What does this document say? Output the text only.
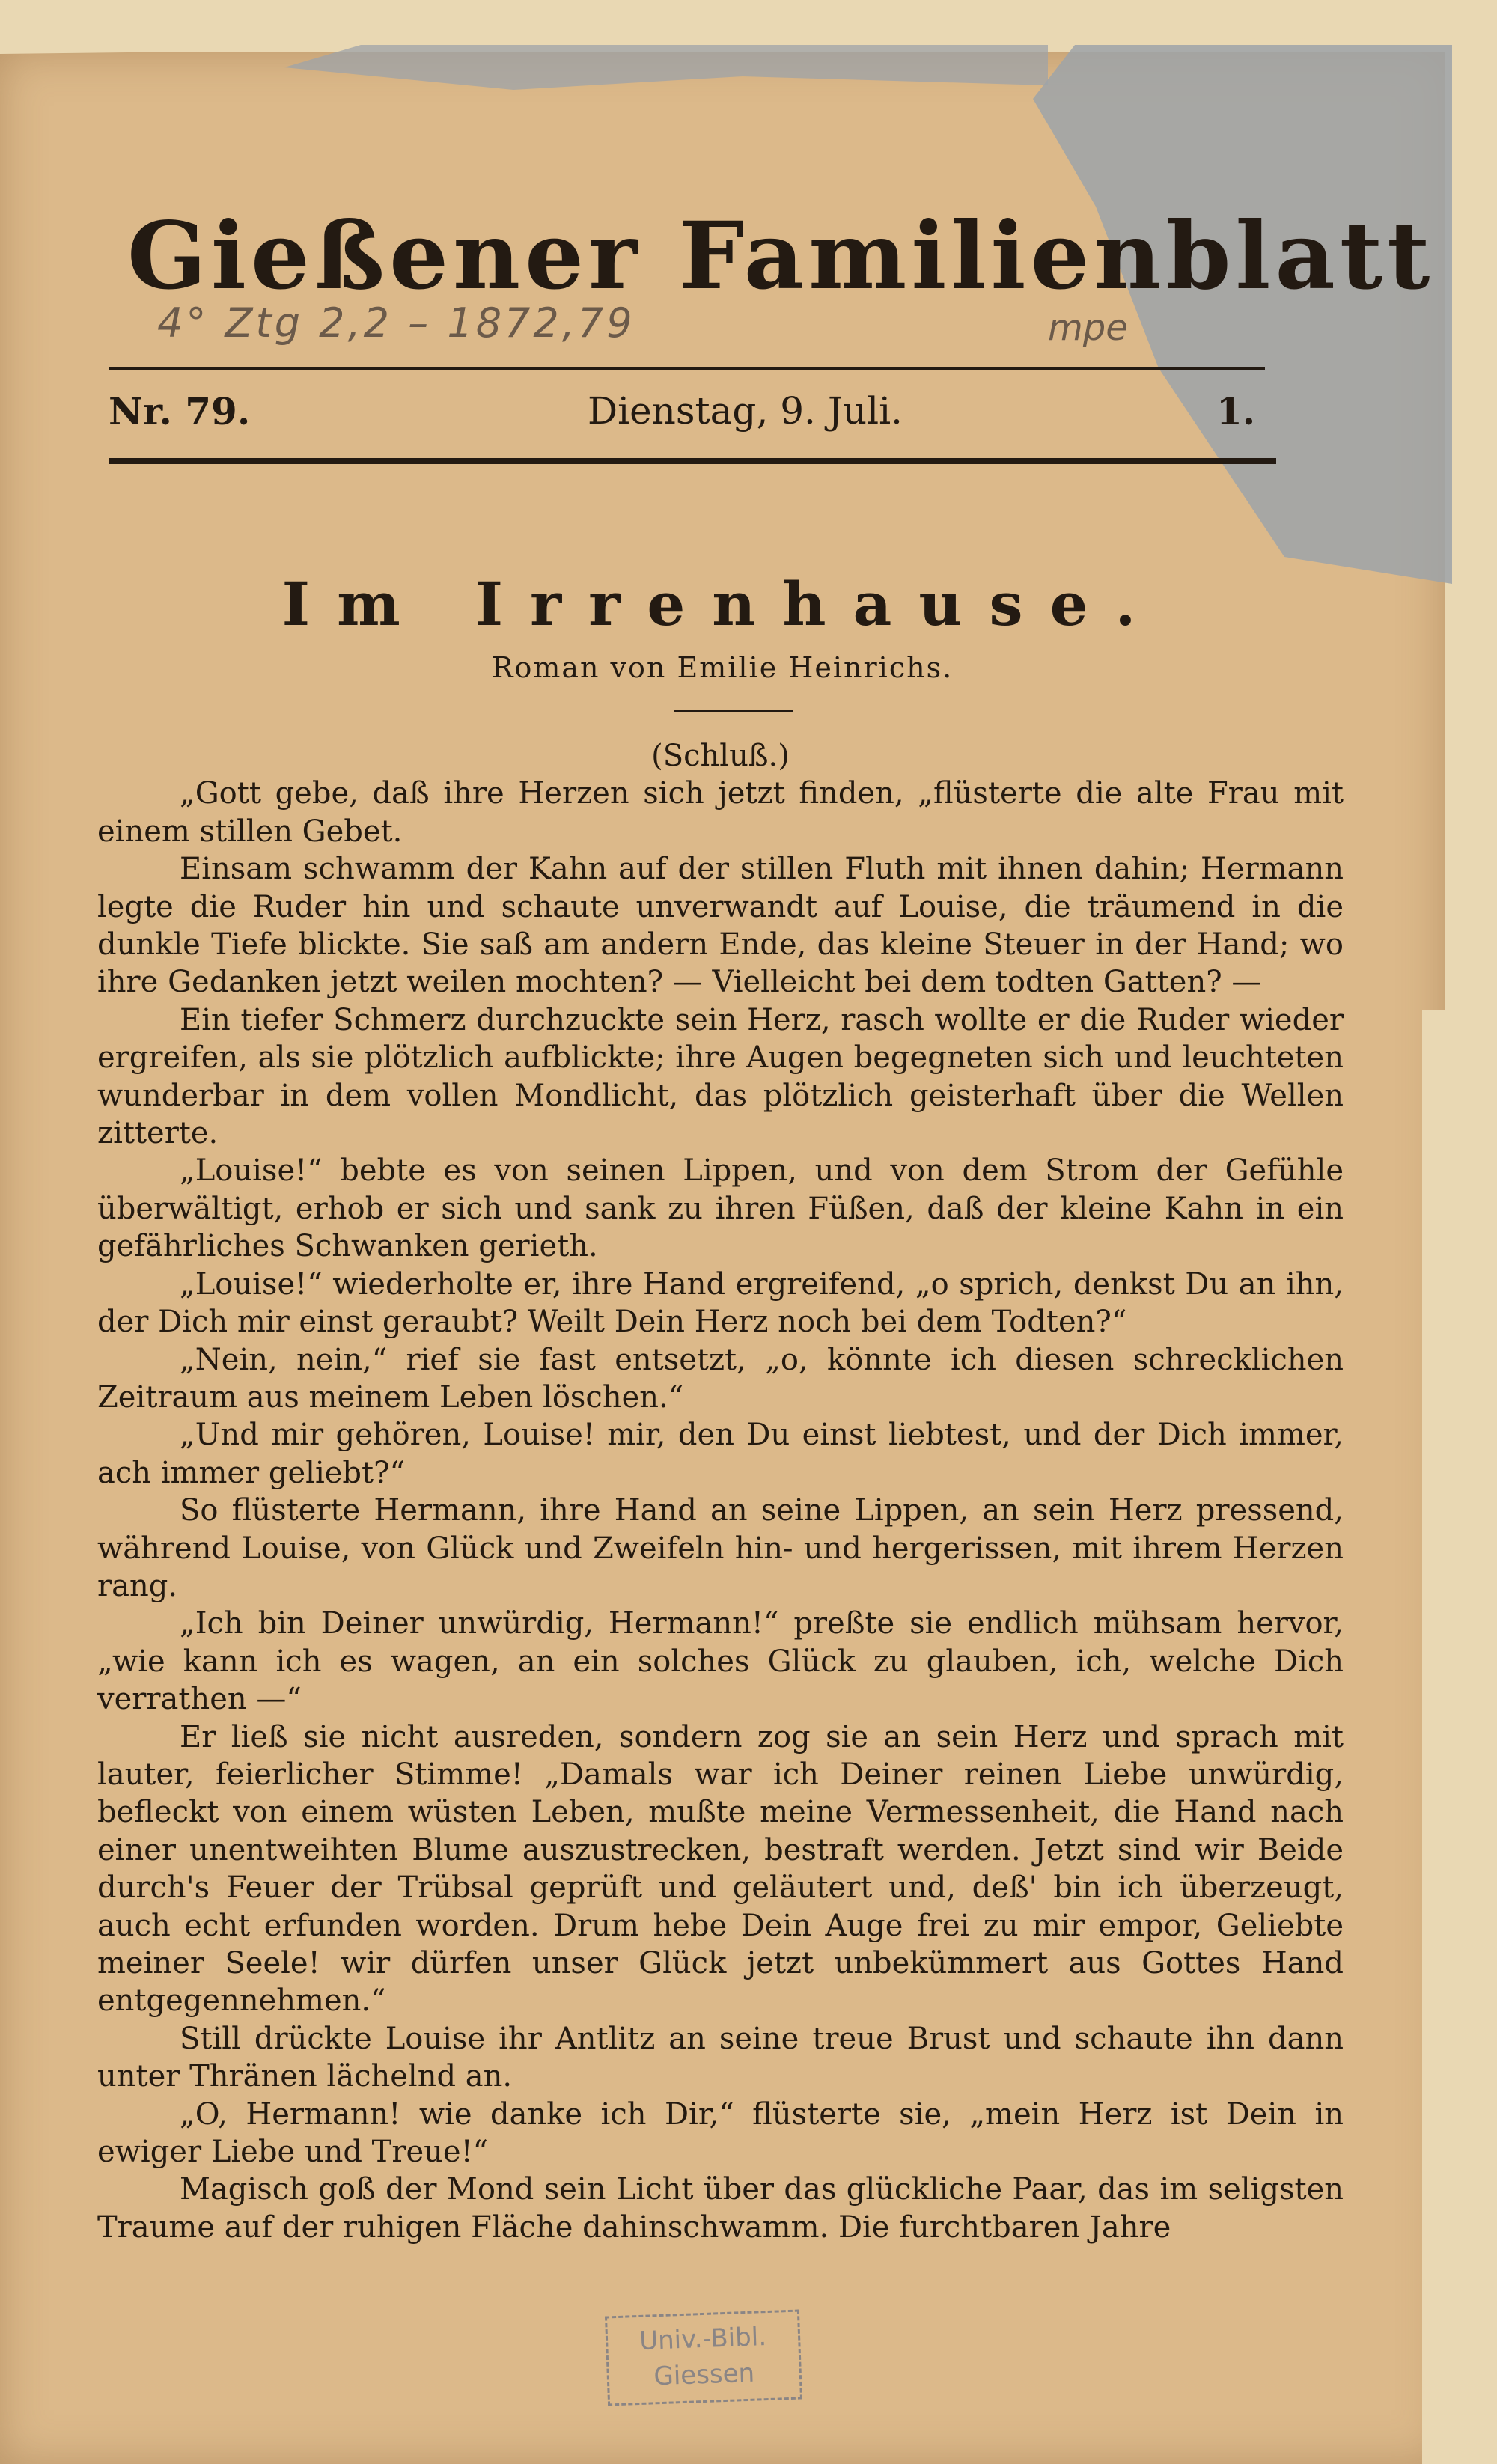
Gießener Familienblatt
4° Ztg 2,2 – 1872,79	mpe
Nr. 79.	Dienstag, 9. Juli.	1.
Im Irrenhause.
Roman von Emilie Heinrichs.

(Schluß.)

„Gott gebe, daß ihre Herzen sich jetzt finden, „flüsterte die alte Frau mit einem stillen Gebet.

Einsam schwamm der Kahn auf der stillen Fluth mit ihnen dahin; Hermann legte die Ruder hin und schaute unverwandt auf Louise, die träumend in die dunkle Tiefe blickte. Sie saß am andern Ende, das kleine Steuer in der Hand; wo ihre Gedanken jetzt weilen mochten? — Vielleicht bei dem todten Gatten? —

Ein tiefer Schmerz durchzuckte sein Herz, rasch wollte er die Ruder wieder ergreifen, als sie plötzlich aufblickte; ihre Augen begegneten sich und leuchteten wunderbar in dem vollen Mondlicht, das plötzlich geisterhaft über die Wellen zitterte.

„Louise!“ bebte es von seinen Lippen, und von dem Strom der Gefühle überwältigt, erhob er sich und sank zu ihren Füßen, daß der kleine Kahn in ein gefährliches Schwanken gerieth.

„Louise!“ wiederholte er, ihre Hand ergreifend, „o sprich, denkst Du an ihn, der Dich mir einst geraubt? Weilt Dein Herz noch bei dem Todten?“

„Nein, nein,“ rief sie fast entsetzt, „o, könnte ich diesen schrecklichen Zeitraum aus meinem Leben löschen.“

„Und mir gehören, Louise! mir, den Du einst liebtest, und der Dich immer, ach immer geliebt?“

So flüsterte Hermann, ihre Hand an seine Lippen, an sein Herz pressend, während Louise, von Glück und Zweifeln hin- und hergerissen, mit ihrem Herzen rang.

„Ich bin Deiner unwürdig, Hermann!“ preßte sie endlich mühsam hervor, „wie kann ich es wagen, an ein solches Glück zu glauben, ich, welche Dich verrathen —“

Er ließ sie nicht ausreden, sondern zog sie an sein Herz und sprach mit lauter, feierlicher Stimme! „Damals war ich Deiner reinen Liebe unwürdig, befleckt von einem wüsten Leben, mußte meine Vermessenheit, die Hand nach einer unentweihten Blume auszustrecken, bestraft werden. Jetzt sind wir Beide durch's Feuer der Trübsal geprüft und geläutert und, deß' bin ich überzeugt, auch echt erfunden worden. Drum hebe Dein Auge frei zu mir empor, Geliebte meiner Seele! wir dürfen unser Glück jetzt unbekümmert aus Gottes Hand entgegennehmen.“

Still drückte Louise ihr Antlitz an seine treue Brust und schaute ihn dann unter Thränen lächelnd an.

„O, Hermann! wie danke ich Dir,“ flüsterte sie, „mein Herz ist Dein in ewiger Liebe und Treue!“

Magisch goß der Mond sein Licht über das glückliche Paar, das im seligsten Traume auf der ruhigen Fläche dahinschwamm. Die furchtbaren Jahre

Univ.-Bibl.
Giessen
